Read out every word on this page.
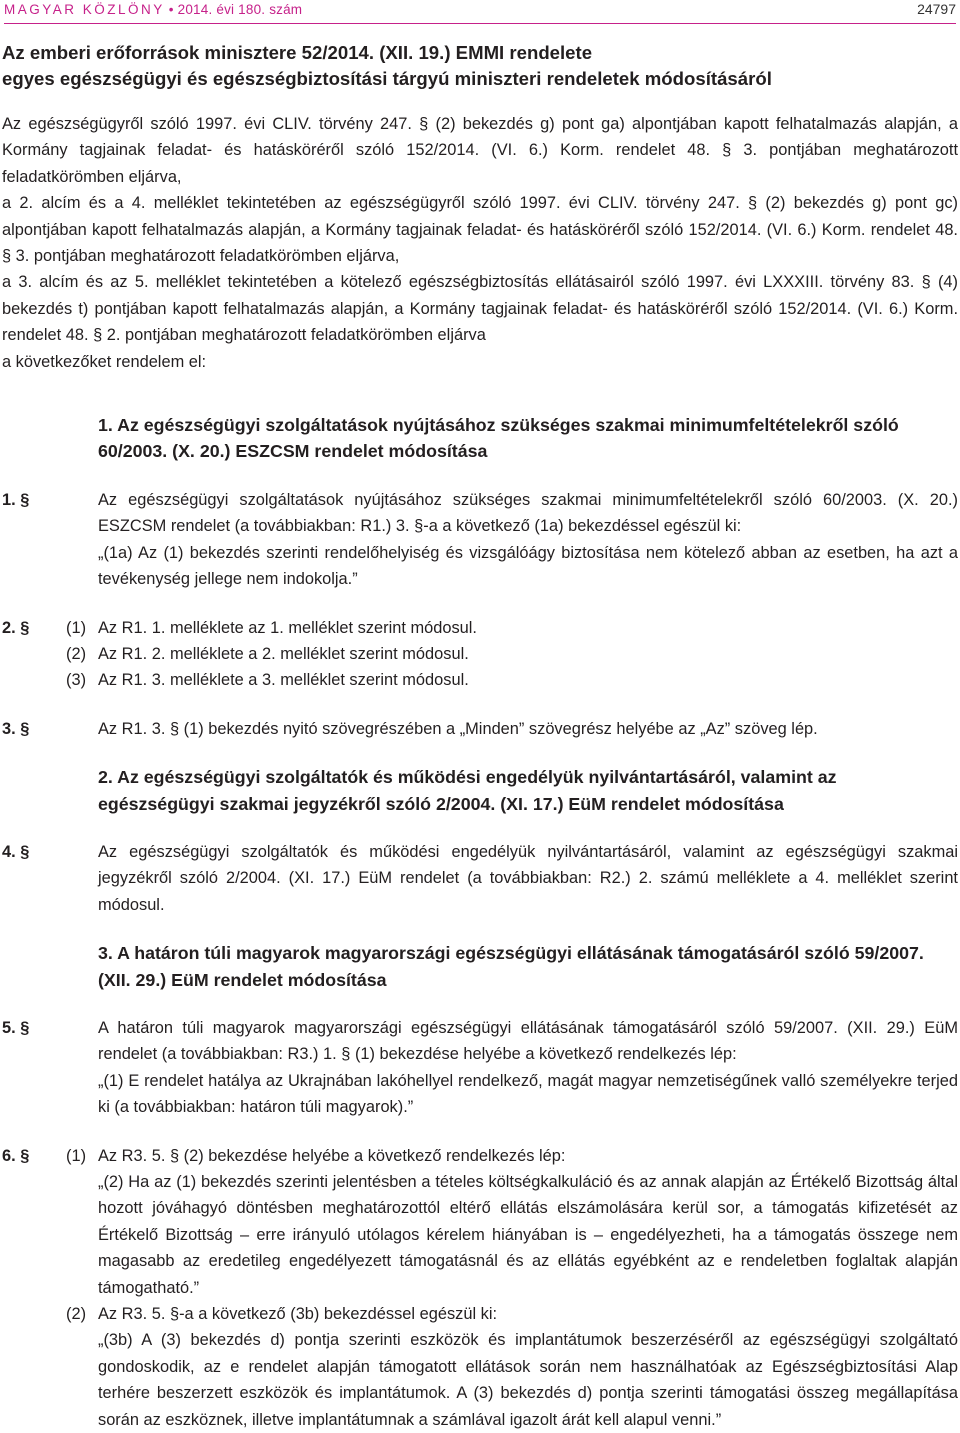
MAGYAR KÖZLÖNY • 2014. évi 180. szám	24797

Az emberi erőforrások minisztere 52/2014. (XII. 19.) EMMI rendelete

egyes egészségügyi és egészségbiztosítási tárgyú miniszteri rendeletek módosításáról

Az egészségügyről szóló 1997. évi CLIV. törvény 247. § (2) bekezdés g) pont ga) alpontjában kapott felhatalmazás alapján, a Kormány tagjainak feladat- és hatásköréről szóló 152/2014. (VI. 6.) Korm. rendelet 48. § 3. pontjában meghatározott feladatkörömben eljárva,

a 2. alcím és a 4. melléklet tekintetében az egészségügyről szóló 1997. évi CLIV. törvény 247. § (2) bekezdés g) pont gc) alpontjában kapott felhatalmazás alapján, a Kormány tagjainak feladat- és hatásköréről szóló 152/2014. (VI. 6.) Korm. rendelet 48. § 3. pontjában meghatározott feladatkörömben eljárva,

a 3. alcím és az 5. melléklet tekintetében a kötelező egészségbiztosítás ellátásairól szóló 1997. évi LXXXIII. törvény 83. § (4) bekezdés t) pontjában kapott felhatalmazás alapján, a Kormány tagjainak feladat- és hatásköréről szóló 152/2014. (VI. 6.) Korm. rendelet 48. § 2. pontjában meghatározott feladatkörömben eljárva

a következőket rendelem el:

1. Az egészségügyi szolgáltatások nyújtásához szükséges szakmai minimumfeltételekről szóló 60/2003. (X. 20.) ESZCSM rendelet módosítása
1. §	Az egészségügyi szolgáltatások nyújtásához szükséges szakmai minimumfeltételekről szóló 60/2003. (X. 20.) ESZCSM rendelet (a továbbiakban: R1.) 3. §-a a következő (1a) bekezdéssel egészül ki:
„(1a) Az (1) bekezdés szerinti rendelőhelyiség és vizsgálóágy biztosítása nem kötelező abban az esetben, ha azt a tevékenység jellege nem indokolja.”
2. § (1) Az R1. 1. melléklete az 1. melléklet szerint módosul.
(2) Az R1. 2. melléklete a 2. melléklet szerint módosul.
(3) Az R1. 3. melléklete a 3. melléklet szerint módosul.
3. §	Az R1. 3. § (1) bekezdés nyitó szövegrészében a „Minden” szövegrész helyébe az „Az” szöveg lép.
2. Az egészségügyi szolgáltatók és működési engedélyük nyilvántartásáról, valamint az egészségügyi szakmai jegyzékről szóló 2/2004. (XI. 17.) EüM rendelet módosítása
4. §	Az egészségügyi szolgáltatók és működési engedélyük nyilvántartásáról, valamint az egészségügyi szakmai jegyzékről szóló 2/2004. (XI. 17.) EüM rendelet (a továbbiakban: R2.) 2. számú melléklete a 4. melléklet szerint módosul.
3. A határon túli magyarok magyarországi egészségügyi ellátásának támogatásáról szóló 59/2007. (XII. 29.) EüM rendelet módosítása
5. §	A határon túli magyarok magyarországi egészségügyi ellátásának támogatásáról szóló 59/2007. (XII. 29.) EüM rendelet (a továbbiakban: R3.) 1. § (1) bekezdése helyébe a következő rendelkezés lép:
„(1) E rendelet hatálya az Ukrajnában lakóhellyel rendelkező, magát magyar nemzetiségűnek valló személyekre terjed ki (a továbbiakban: határon túli magyarok).”
6. § (1) Az R3. 5. § (2) bekezdése helyébe a következő rendelkezés lép:
„(2) Ha az (1) bekezdés szerinti jelentésben a tételes költségkalkuláció és az annak alapján az Értékelő Bizottság által hozott jóváhagyó döntésben meghatározottól eltérő ellátás elszámolására kerül sor, a támogatás kifizetését az Értékelő Bizottság – erre irányuló utólagos kérelem hiányában is – engedélyezheti, ha a támogatás összege nem magasabb az eredetileg engedélyezett támogatásnál és az ellátás egyébként az e rendeletben foglaltak alapján támogatható.”
(2) Az R3. 5. §-a a következő (3b) bekezdéssel egészül ki:
„(3b) A (3) bekezdés d) pontja szerinti eszközök és implantátumok beszerzéséről az egészségügyi szolgáltató gondoskodik, az e rendelet alapján támogatott ellátások során nem használhatóak az Egészségbiztosítási Alap terhére beszerzett eszközök és implantátumok. A (3) bekezdés d) pontja szerinti támogatási összeg megállapítása során az eszköznek, illetve implantátumnak a számlával igazolt árát kell alapul venni.”
